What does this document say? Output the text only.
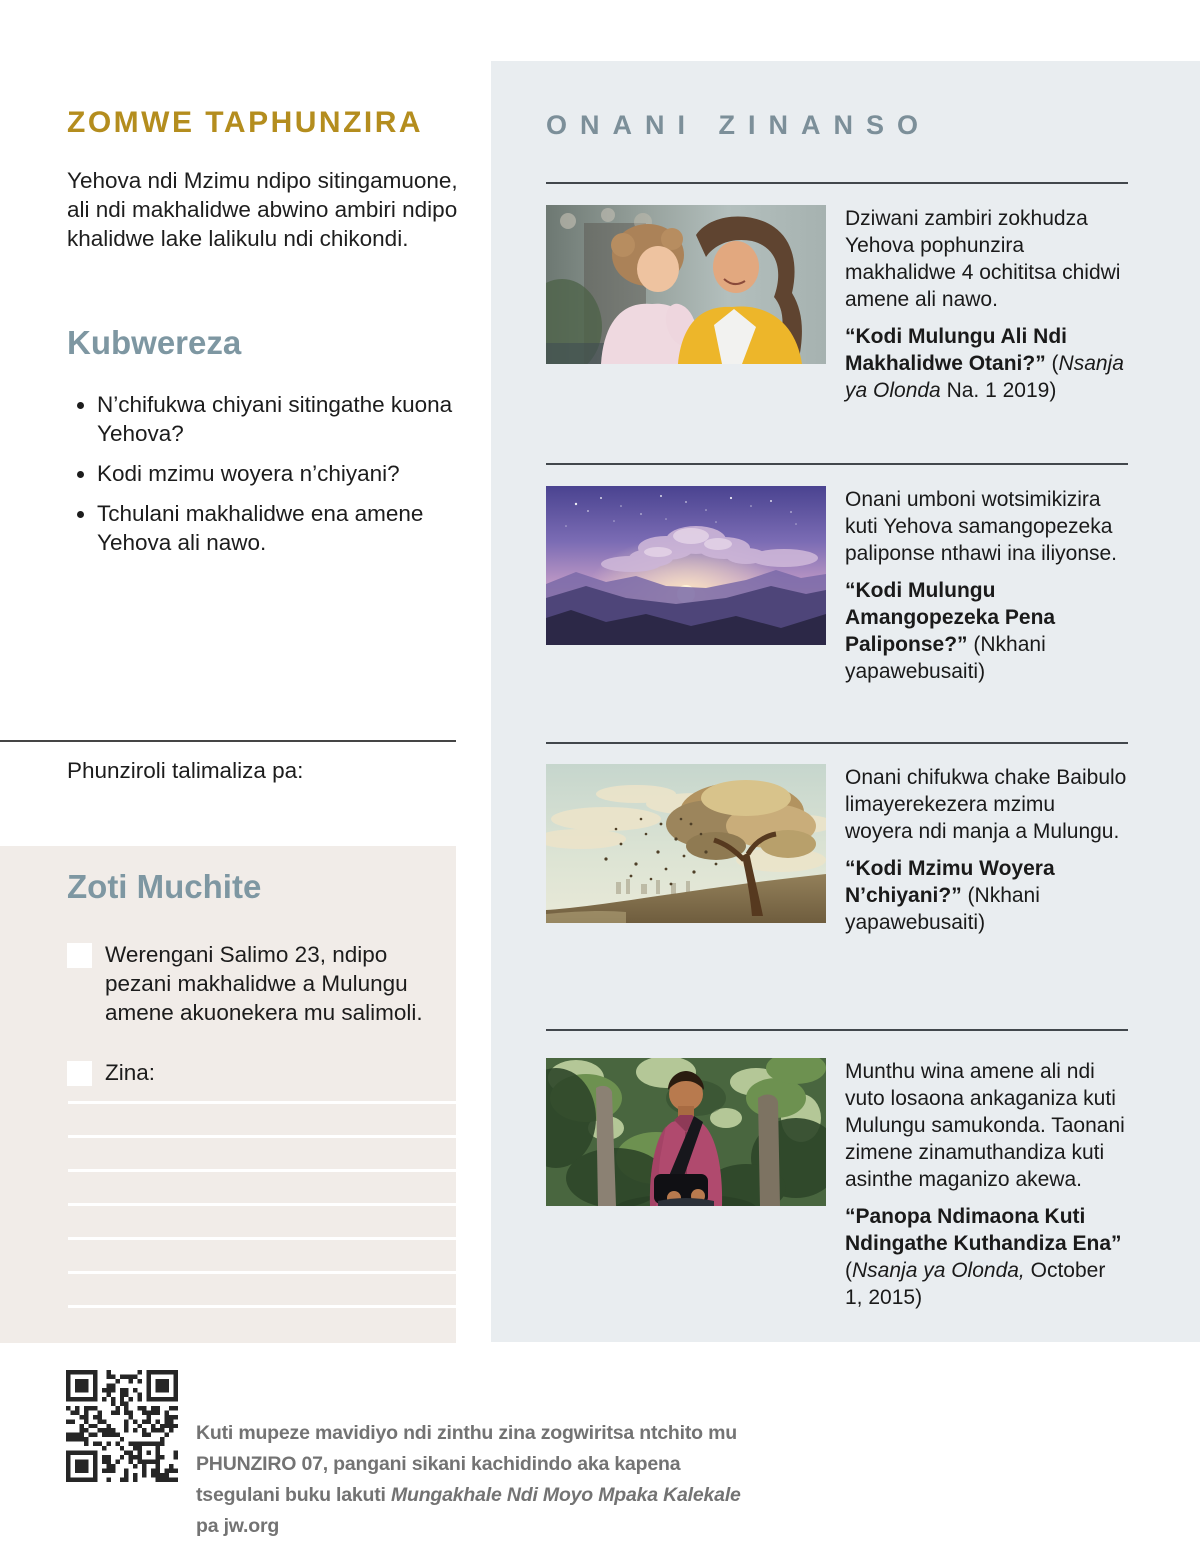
ZOMWE TAPHUNZIRA
Yehova ndi Mzimu ndipo sitingamuone, ali ndi makhalidwe abwino ambiri ndipo khalidwe lake lalikulu ndi chikondi.
Kubwereza
• N’chifukwa chiyani sitingathe kuona Yehova?
• Kodi mzimu woyera n’chiyani?
• Tchulani makhalidwe ena amene Yehova ali nawo.
Phunziroli talimaliza pa:
Zoti Muchite
Werengani Salimo 23, ndipo pezani makhalidwe a Mulungu amene akuonekera mu salimoli.
Zina:
ONANI ZINANSO

Dziwani zambiri zokhudza Yehova pophunzira makhalidwe 4 ochititsa chidwi amene ali nawo.

“Kodi Mulungu Ali Ndi Makhalidwe Otani?” (Nsanja ya Olonda Na. 1 2019)

Onani umboni wotsimikizira kuti Yehova samangopezeka paliponse nthawi ina iliyonse.

“Kodi Mulungu Amangopezeka Pena Paliponse?” (Nkhani yapawebusaiti)

Onani chifukwa chake Baibulo limayerekezera mzimu woyera ndi manja a Mulungu.

“Kodi Mzimu Woyera N’chiyani?” (Nkhani yapawebusaiti)

Munthu wina amene ali ndi vuto losaona ankaganiza kuti Mulungu samukonda. Taonani zimene zinamuthandiza kuti asinthe maganizo akewa.

“Panopa Ndimaona Kuti Ndingathe Kuthandiza Ena” (Nsanja ya Olonda, October 1, 2015)

Kuti mupeze mavidiyo ndi zinthu zina zogwiritsa ntchito mu PHUNZIRO 07, pangani sikani kachidindo aka kapena tsegulani buku lakuti Mungakhale Ndi Moyo Mpaka Kalekale pa jw.org
